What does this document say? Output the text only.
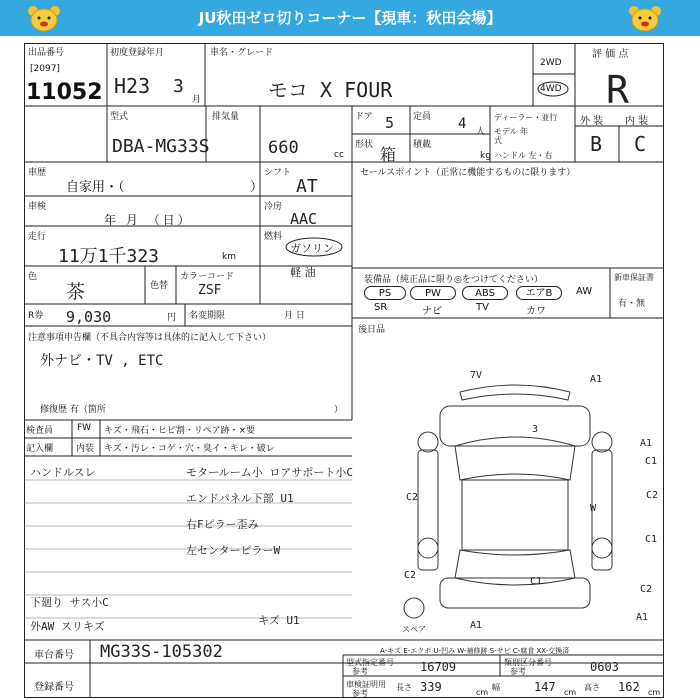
JU秋田ゼロ切りコーナー【現車：秋田会場】
出品番号
[2097]
11052
初度登録年月
H23 3
月
車名・グレード
モコ X FOUR
2WD
4WD
評 価 点
R
型式
DBA-MG33S
排気量
660	cc
ドア 5 定員 4 人
形状 箱 積載
kg
ディーラー・並行
モデル 年式
ハンドル 左・右
外 装 内 装
B C
車歴
自家用・（	）
車検
年 月 （日）
走行
11万1千323	km
シフト
AT
冷房
AAC
燃料
ガソリン
軽 油
色
茶	色替
カラーコード
ZSF
R券 9,030	円 名変期限	月 日
注意事項申告欄（不具合内容等は具体的に記入して下さい）
外ナビ・TV , ETC
修復歴 有（箇所	）
検査員
記入欄
FW キズ・飛石・ヒビ割・リペア跡・×要
内装 キズ・汚レ・コゲ・穴・臭イ・キレ・破レ
ハンドルスレ	モタールーム小 ロアサポート小C
エンドパネル下部 U1
右Fピラー歪み
左センターピラーW
下廻り サス小C
外AW スリキズ	キズ U1
セールスポイント（正常に機能するものに限ります）
装備品（純正品に限り◎をつけてください）	新車保証書
有・無
PS	PW	ABS	エアB	AW
SR	ナビ	TV	カワ
後日品
スペア
7V	A1
A1
C1
C1
C2	C2
C2
C2
W
C1
A1
3
A1
A-キズ E-エクボ U-凹み W-補修跡 S-サビ C-腐食 XX-交換済
車台番号 MG33S-105302
登録番号
型式指定番号
参考	16709	類別区分番号
参考	0603
車検証明用
参考
長さ 339	cm
幅	147 cm
高さ 162 cm
